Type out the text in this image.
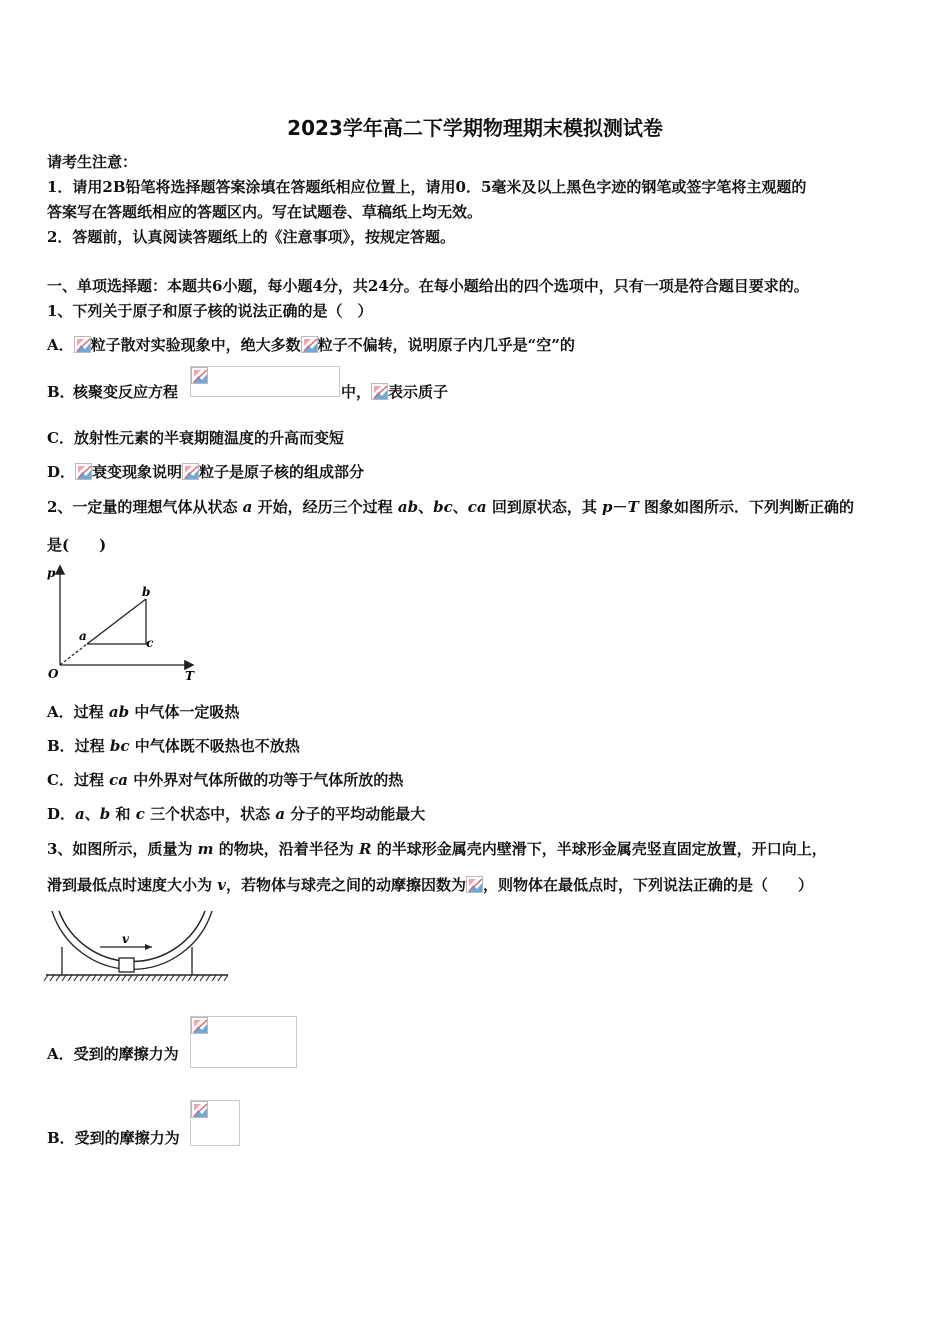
2023学年高二下学期物理期末模拟测试卷
请考生注意：
1．请用2B铅笔将选择题答案涂填在答题纸相应位置上，请用0．5毫米及以上黑色字迹的钢笔或签字笔将主观题的
答案写在答题纸相应的答题区内。写在试题卷、草稿纸上均无效。
2．答题前，认真阅读答题纸上的《注意事项》，按规定答题。
一、单项选择题：本题共6小题，每小题4分，共24分。在每小题给出的四个选项中，只有一项是符合题目要求的。
1、下列关于原子和原子核的说法正确的是（　）
A． 粒子散对实验现象中，绝大多数 粒子不偏转，说明原子内几乎是“空”的
B．
核聚变反应方程	中， 表示质子
C．放射性元素的半衰期随温度的升高而变短
D． 衰变现象说明 粒子是原子核的组成部分
2、一定量的理想气体从状态 a 开始，经历三个过程 ab、bc、ca 回到原状态，其 p－T 图象如图所示．下列判断正确的
是(　　)
p
T
O
a
b
c
A．过程 ab 中气体一定吸热
B．过程 bc 中气体既不吸热也不放热
C．过程 ca 中外界对气体所做的功等于气体所放的热
D．a、b 和 c 三个状态中，状态 a 分子的平均动能最大
3、如图所示，质量为 m 的物块，沿着半径为 R 的半球形金属壳内壁滑下，半球形金属壳竖直固定放置，开口向上，
滑到最低点时速度大小为 v，若物体与球壳之间的动摩擦因数为 ，则物体在最低点时，下列说法正确的是（　　）
v
A．受到的摩擦力为
B．受到的摩擦力为
